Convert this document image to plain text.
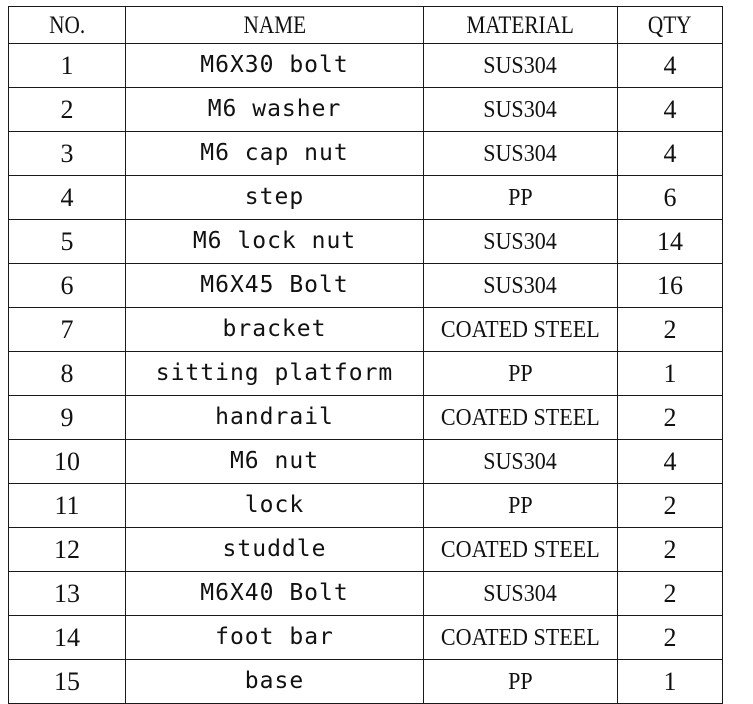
NO.	NAME	MATERIAL	QTY
1	M6X30 bolt	SUS304	4
2	M6 washer	SUS304	4
3	M6 cap nut	SUS304	4
4	step	PP	6
5	M6 lock nut	SUS304	14
6	M6X45 Bolt	SUS304	16
7	bracket	COATED STEEL	2
8	sitting platform	PP	1
9	handrail	COATED STEEL	2
10	M6 nut	SUS304	4
11	lock	PP	2
12	studdle	COATED STEEL	2
13	M6X40 Bolt	SUS304	2
14	foot bar	COATED STEEL	2
15	base	PP	1
